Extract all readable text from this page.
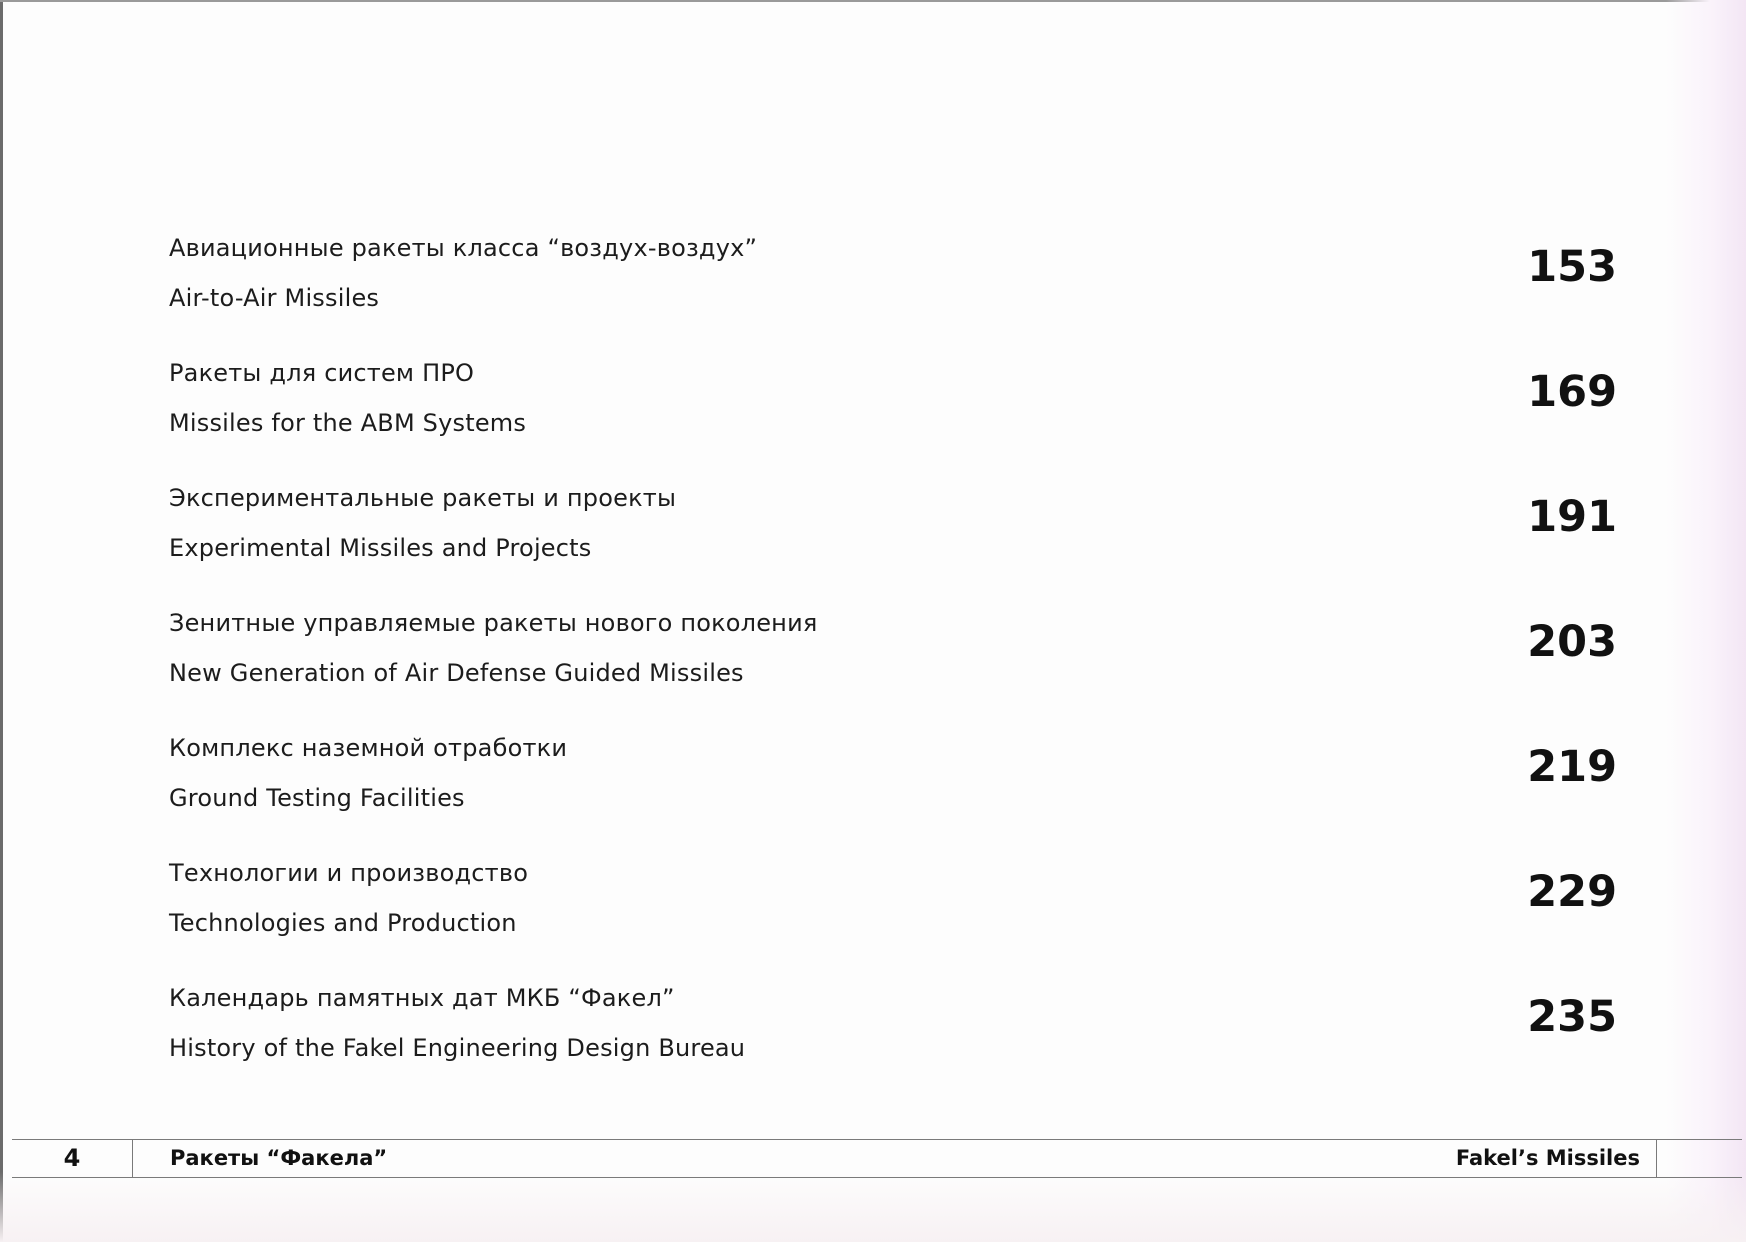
Авиационные ракеты класса “воздух-воздух”
Air-to-Air Missiles
153
Ракеты для систем ПРО
Missiles for the ABM Systems
169
Экспериментальные ракеты и проекты
Experimental Missiles and Projects
191
Зенитные управляемые ракеты нового поколения
New Generation of Air Defense Guided Missiles
203
Комплекс наземной отработки
Ground Testing Facilities
219
Технологии и производство
Technologies and Production
229
Календарь памятных дат МКБ “Факел”
History of the Fakel Engineering Design Bureau
235
4	Ракеты “Факела”	Fakel’s Missiles
